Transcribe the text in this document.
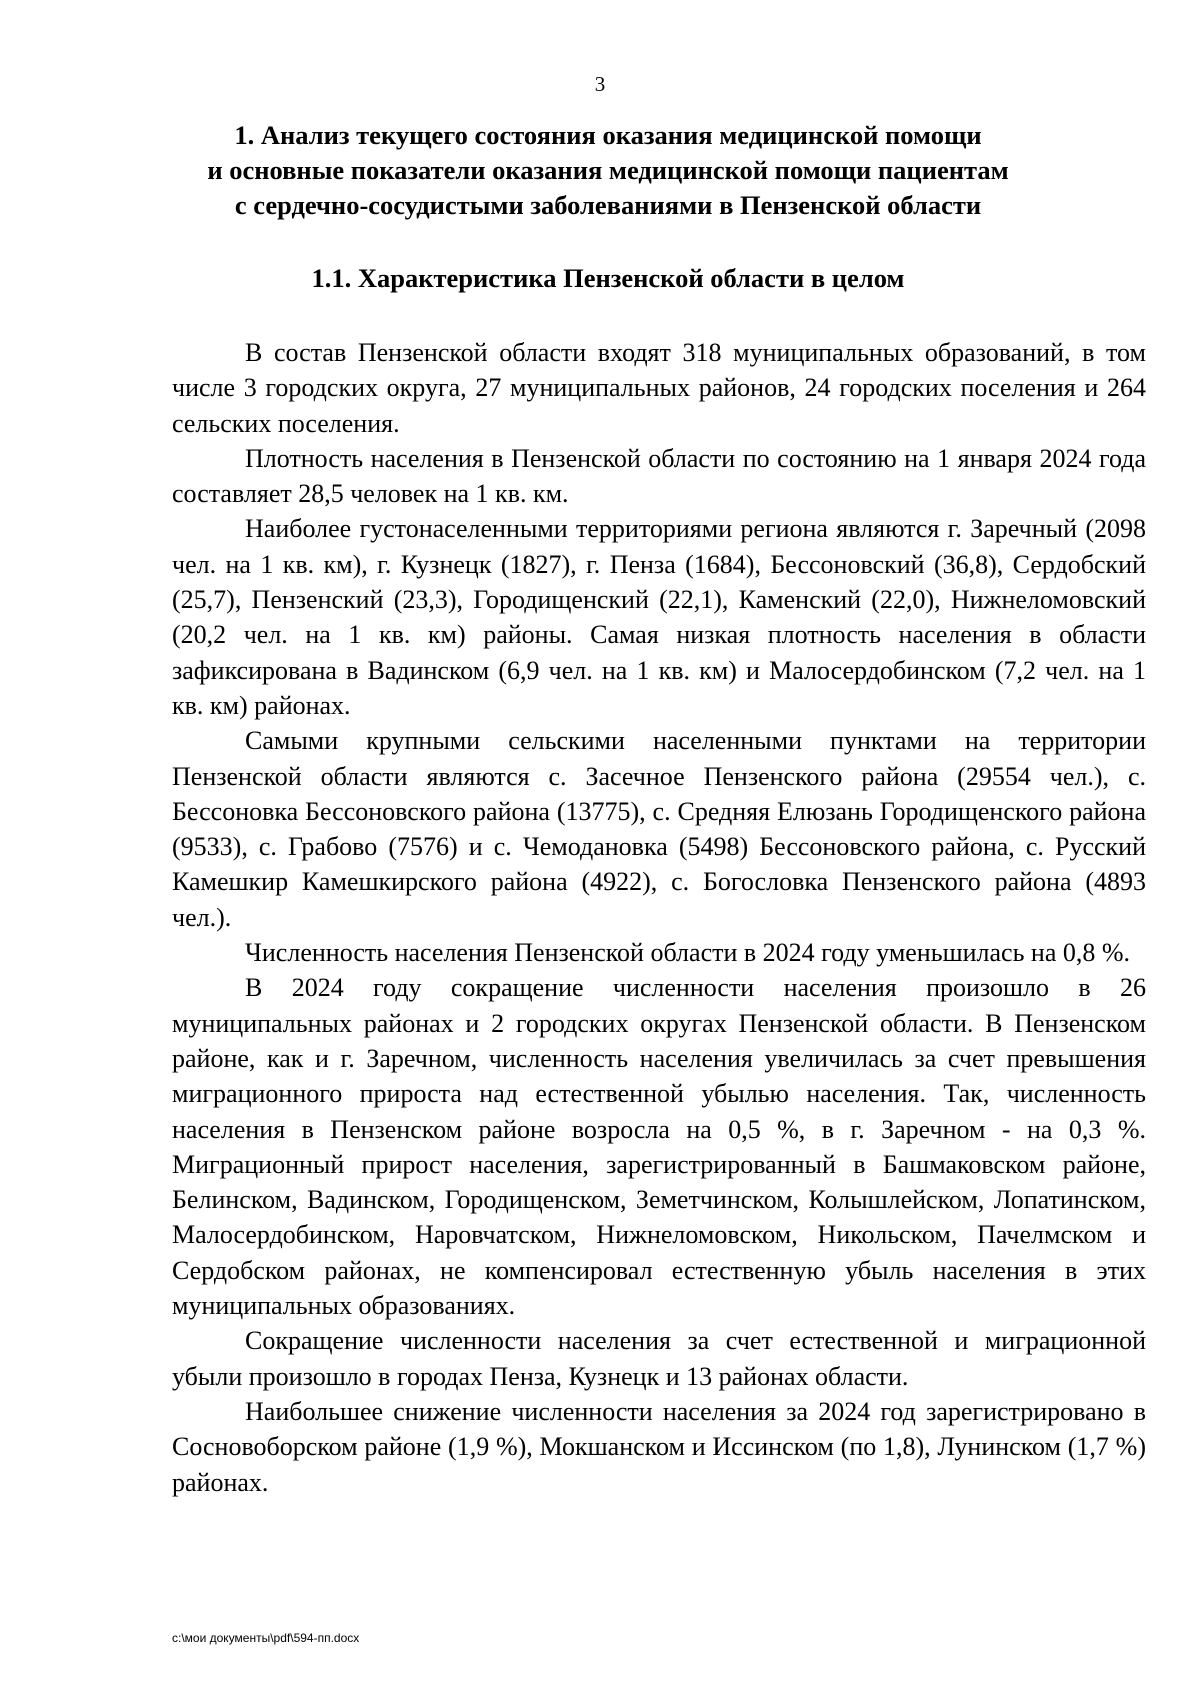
3
1. Анализ текущего состояния оказания медицинской помощи
и основные показатели оказания медицинской помощи пациентам
с сердечно-сосудистыми заболеваниями в Пензенской области
1.1. Характеристика Пензенской области в целом

В состав Пензенской области входят 318 муниципальных образований, в том числе 3 городских округа, 27 муниципальных районов, 24 городских поселения и 264 сельских поселения.

Плотность населения в Пензенской области по состоянию на 1 января 2024 года составляет 28,5 человек на 1 кв. км.

Наиболее густонаселенными территориями региона являются г. Заречный (2098 чел. на 1 кв. км), г. Кузнецк (1827), г. Пенза (1684), Бессоновский (36,8), Сердобский (25,7), Пензенский (23,3), Городищенский (22,1), Каменский (22,0), Нижнеломовский (20,2 чел. на 1 кв. км) районы. Самая низкая плотность населения в области зафиксирована в Вадинском (6,9 чел. на 1 кв. км) и Малосердобинском (7,2 чел. на 1 кв. км) районах.

Самыми крупными сельскими населенными пунктами на территории Пензенской области являются с. Засечное Пензенского района (29554 чел.), с. Бессоновка Бессоновского района (13775), с. Средняя Елюзань Городищенского района (9533), с. Грабово (7576) и с. Чемодановка (5498) Бессоновского района, с. Русский Камешкир Камешкирского района (4922), с. Богословка Пензенского района (4893 чел.).

Численность населения Пензенской области в 2024 году уменьшилась на 0,8 %.

В 2024 году сокращение численности населения произошло в 26 муниципальных районах и 2 городских округах Пензенской области. В Пензенском районе, как и г. Заречном, численность населения увеличилась за счет превышения миграционного прироста над естественной убылью населения. Так, численность населения в Пензенском районе возросла на 0,5 %, в г. Заречном - на 0,3 %. Миграционный прирост населения, зарегистрированный в Башмаковском районе, Белинском, Вадинском, Городищенском, Земетчинском, Колышлейском, Лопатинском, Малосердобинском, Наровчатском, Нижнеломовском, Никольском, Пачелмском и Сердобском районах, не компенсировал естественную убыль населения в этих муниципальных образованиях.

Сокращение численности населения за счет естественной и миграционной убыли произошло в городах Пенза, Кузнецк и 13 районах области.

Наибольшее снижение численности населения за 2024 год зарегистрировано в Сосновоборском районе (1,9 %), Мокшанском и Иссинском (по 1,8), Лунинском (1,7 %) районах.

c:\мои документы\pdf\594-пп.docx
